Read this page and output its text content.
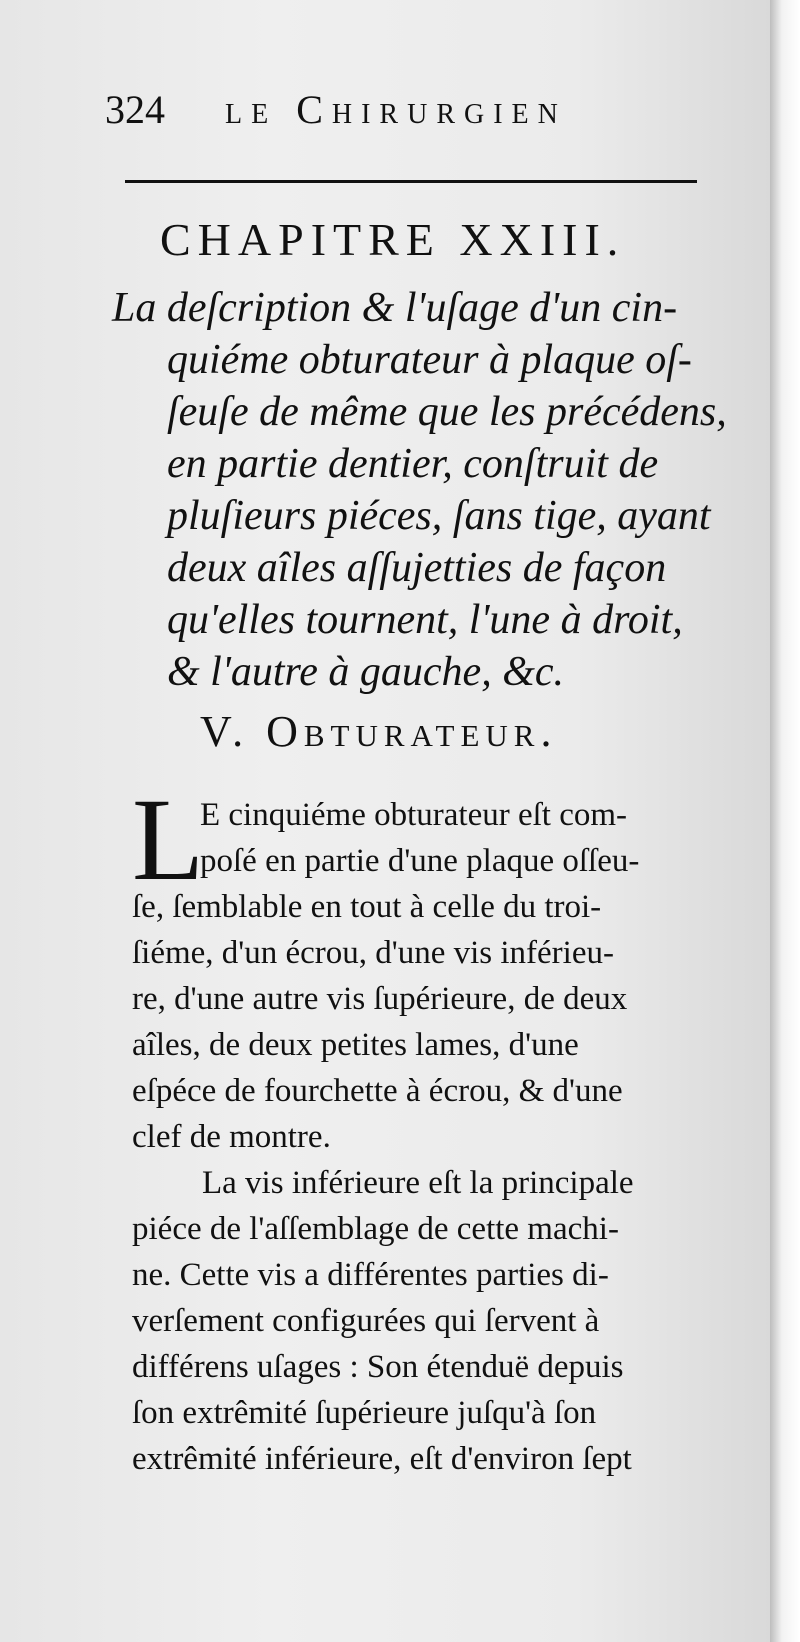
324 le Chirurgien
CHAPITRE XXIII.
La deſcription & l'uſage d'un cin-
quiéme obturateur à plaque oſ-
ſeuſe de même que les précédens,
en partie dentier, conſtruit de
pluſieurs piéces, ſans tige, ayant
deux aîles aſſujetties de façon
qu'elles tournent, l'une à droit,
& l'autre à gauche, &c.
V. Obturateur.
L
E cinquiéme obturateur eſt com-
poſé en partie d'une plaque oſſeu-
ſe, ſemblable en tout à celle du troi-
ſiéme, d'un écrou, d'une vis inférieu-
re, d'une autre vis ſupérieure, de deux
aîles, de deux petites lames, d'une
eſpéce de fourchette à écrou, & d'une
clef de montre.
La vis inférieure eſt la principale
piéce de l'aſſemblage de cette machi-
ne. Cette vis a différentes parties di-
verſement configurées qui ſervent à
différens uſages : Son étenduë depuis
ſon extrêmité ſupérieure juſqu'à ſon
extrêmité inférieure, eſt d'environ ſept
